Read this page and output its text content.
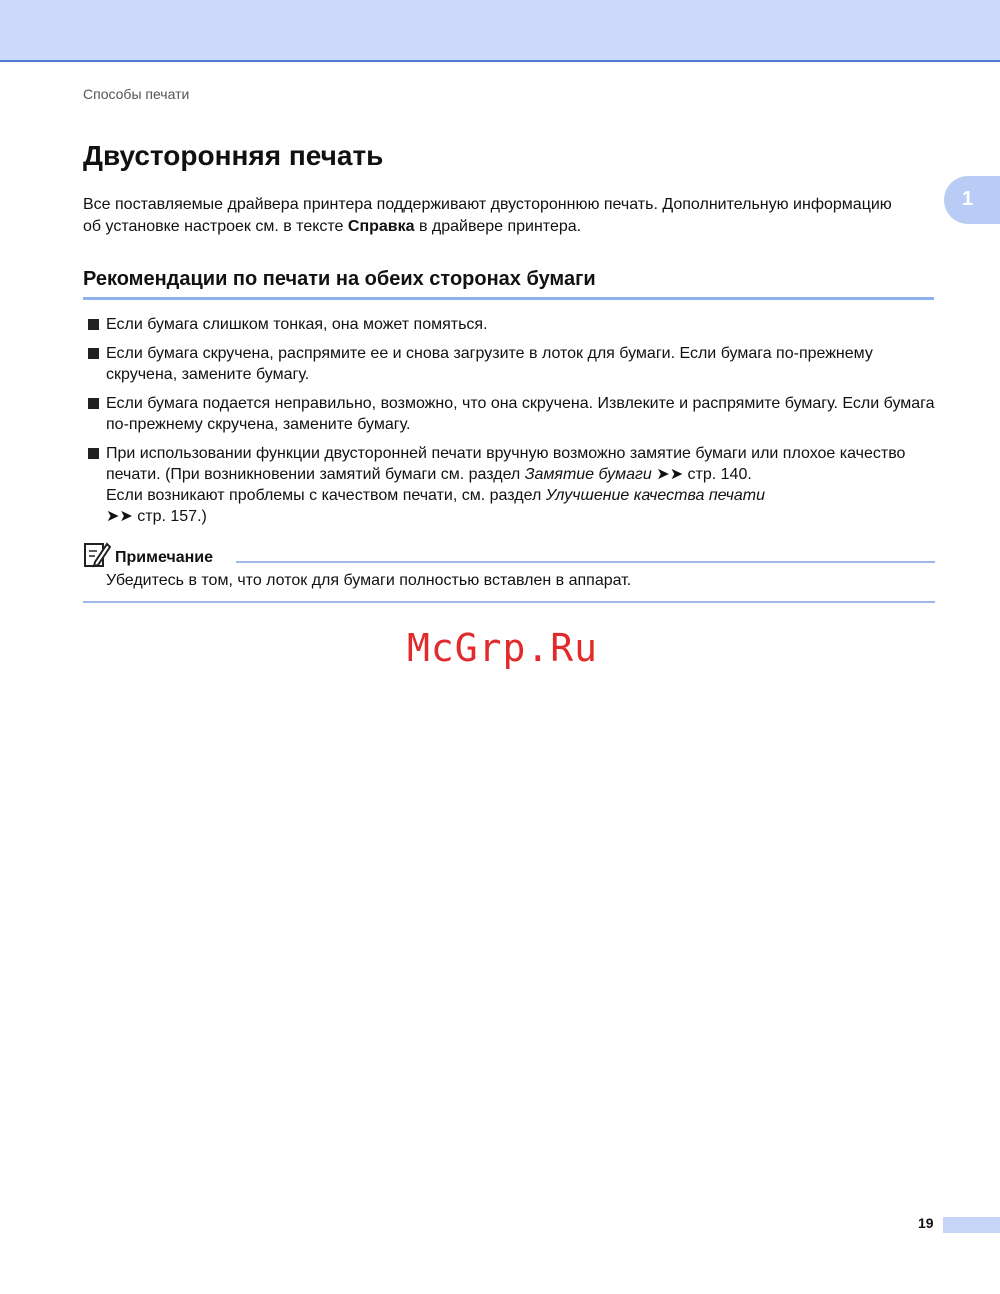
Способы печати
1
Двусторонняя печать

Все поставляемые драйвера принтера поддерживают двустороннюю печать. Дополнительную информацию об установке настроек см. в тексте Справка в драйвере принтера.

Рекомендации по печати на обеих сторонах бумаги
Если бумага слишком тонкая, она может помяться.
Если бумага скручена, распрямите ее и снова загрузите в лоток для бумаги. Если бумага по-прежнему скручена, замените бумагу.
Если бумага подается неправильно, возможно, что она скручена. Извлеките и распрямите бумагу. Если бумага по-прежнему скручена, замените бумагу.
При использовании функции двусторонней печати вручную возможно замятие бумаги или плохое качество печати. (При возникновении замятий бумаги см. раздел Замятие бумаги ➤➤ стр. 140.
Если возникают проблемы с качеством печати, см. раздел Улучшение качества печати
➤➤ стр. 157.)
Примечание
Убедитесь в том, что лоток для бумаги полностью вставлен в аппарат.
McGrp.Ru
19
